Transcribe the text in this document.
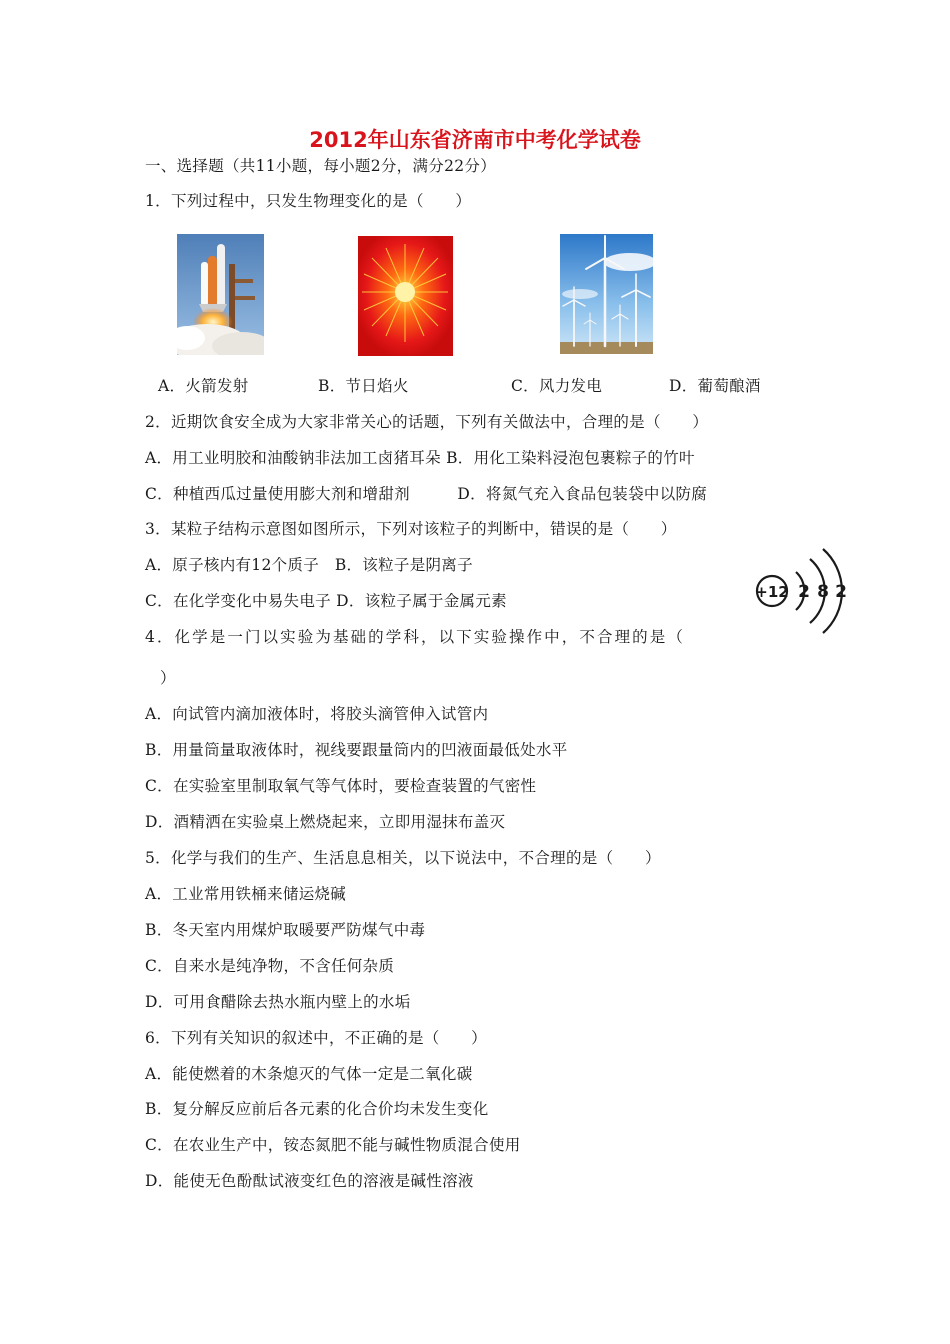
2012年山东省济南市中考化学试卷
一、选择题（共11小题，每小题2分，满分22分）
1．下列过程中，只发生物理变化的是（　　）
A．火箭发射	B．节日焰火	C．风力发电	D．葡萄酿酒
2．近期饮食安全成为大家非常关心的话题，下列有关做法中，合理的是（　　）
A．用工业明胶和油酸钠非法加工卤猪耳朵 B．用化工染料浸泡包裹粽子的竹叶
C．种植西瓜过量使用膨大剂和增甜剂　　　D．将氮气充入食品包装袋中以防腐
3．某粒子结构示意图如图所示，下列对该粒子的判断中，错误的是（　　）
A．原子核内有12个质子　B．该粒子是阴离子
C．在化学变化中易失电子 D．该粒子属于金属元素	+12 2 8 2
4．化学是一门以实验为基础的学科，以下实验操作中，不合理的是（
）
A．向试管内滴加液体时，将胶头滴管伸入试管内
B．用量筒量取液体时，视线要跟量筒内的凹液面最低处水平
C．在实验室里制取氧气等气体时，要检查装置的气密性
D．酒精洒在实验桌上燃烧起来，立即用湿抹布盖灭
5．化学与我们的生产、生活息息相关，以下说法中，不合理的是（　　）
A．工业常用铁桶来储运烧碱
B．冬天室内用煤炉取暖要严防煤气中毒
C．自来水是纯净物，不含任何杂质
D．可用食醋除去热水瓶内壁上的水垢
6．下列有关知识的叙述中，不正确的是（　　）
A．能使燃着的木条熄灭的气体一定是二氧化碳
B．复分解反应前后各元素的化合价均未发生变化
C．在农业生产中，铵态氮肥不能与碱性物质混合使用
D．能使无色酚酞试液变红色的溶液是碱性溶液
